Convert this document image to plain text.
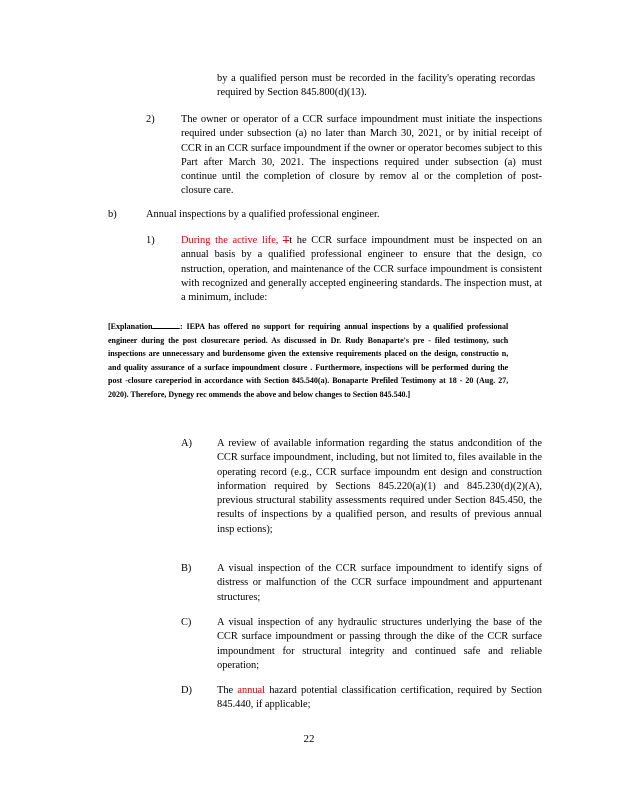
by a qualified person must be recorded in the facility's operating recordas required by Section 845.800(d)(13).

2)	The owner or operator of a CCR surface impoundment must initiate the inspections required under subsection (a) no later than March 30, 2021, or by initial receipt of CCR in an CCR surface impoundment if the owner or operator becomes subject to this Part after March 30, 2021. The inspections required under subsection (a) must continue until the completion of closure by remov al or the completion of post- closure care.

b)	Annual inspections by a qualified professional engineer.

1)	During the active life, Tt he CCR surface impoundment must be inspected on an annual basis by a qualified professional engineer to ensure that the design, co nstruction, operation, and maintenance of the CCR surface impoundment is consistent with recognized and generally accepted engineering standards. The inspection must, at a minimum, include:

[Explanation	: IEPA has offered no support for requiring annual inspections by a qualified professional engineer during the post closurecare period. As discussed in Dr. Rudy Bonaparte's pre - filed testimony, such inspections are unnecessary and burdensome given the extensive requirements placed on the design, constructio n, and quality assurance of a surface impoundment closure . Furthermore, inspections will be performed during the post -closure careperiod in accordance with Section 845.540(a). Bonaparte Prefiled Testimony at 18 - 20 (Aug. 27, 2020). Therefore, Dynegy rec ommends the above and below changes to Section 845.540.]

A) A review of available information regarding the status andcondition of the CCR surface impoundment, including, but not limited to, files available in the operating record (e.g., CCR surface impoundm ent design and construction information required by Sections 845.220(a)(1) and 845.230(d)(2)(A), previous structural stability assessments required under Section 845.450, the results of inspections by a qualified person, and results of previous annual insp ections);

B) A visual inspection of the CCR surface impoundment to identify signs of distress or malfunction of the CCR surface impoundment and appurtenant structures;

C) A visual inspection of any hydraulic structures underlying the base of the CCR surface impoundment or passing through the dike of the CCR surface impoundment for structural integrity and continued safe and reliable operation;

D) The annual hazard potential classification certification, required by Section 845.440, if applicable;

22
